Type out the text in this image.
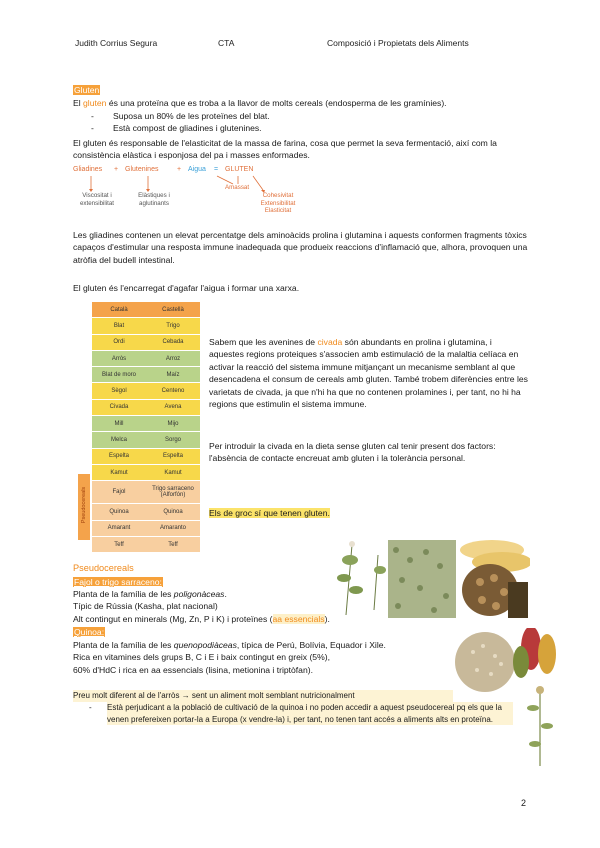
Judith Corrius Segura	CTA	Composició i Propietats dels Aliments
Gluten

El gluten és una proteïna que es troba a la llavor de molts cereals (endosperma de les gramínies).

- Suposa un 80% de les proteïnes del blat.
- Està compost de gliadines i glutenines.

El gluten és responsable de l'elasticitat de la massa de farina, cosa que permet la seva fermentació, així com la consistència elàstica i esponjosa del pa i masses enformades.

Gliadines + Glutenines	+ Aigua = GLUTEN
Viscositat i extensibilitat
Elàstiques i aglutinants
Amassat
Cohesivitat
Extensibilitat
Elasticitat

Les gliadines contenen un elevat percentatge dels aminoàcids prolina i glutamina i aquests conformen fragments tòxics capaços d'estimular una resposta immune inadequada que produeix reaccions d'inflamació que, alhora, provoquen una atròfia del budell intestinal.

El gluten és l'encarregat d'agafar l'aigua i formar una xarxa.

Català	Castellà
Blat	Trigo
Ordi	Cebada
Arròs	Arroz
Blat de moro	Maíz
Sègol	Centeno
Civada	Avena
Mill	Mijo
Melca	Sorgo
Espelta	Espelta
Kamut	Kamut
Fajol	Trigo sarraceno (Alforfón)
Quinoa	Quinoa
Amarant	Amaranto
Teff	Teff
Pseudocereals

Sabem que les avenines de civada són abundants en prolina i glutamina, i aquestes regions proteiques s'associen amb estimulació de la malaltia celíaca en activar la reacció del sistema immune mitjançant un mecanisme semblant al que desencadena el consum de cereals amb gluten. També trobem diferències entre les varietats de civada, ja que n'hi ha que no contenen prolamines i, per tant, no hi ha regions que estimulin el sistema immune.

Per introduir la civada en la dieta sense gluten cal tenir present dos factors: l'absència de contacte encreuat amb gluten i la tolerància personal.

Els de groc sí que tenen gluten.
Pseudocereals
Fajol o trigo sarraceno:

Planta de la família de les poligonàceas.

Típic de Rússia (Kasha, plat nacional)

Alt contingut en minerals (Mg, Zn, P i K) i proteïnes (aa essencials).

Quinoa:

Planta de la família de les quenopodiàceas, típica de Perú, Bolívia, Equador i Xile.

Rica en vitamines dels grups B, C i E i baix contingut en greix (5%),

60% d'HdC i rica en aa essencials (lisina, metionina i triptòfan).

Preu molt diferent al de l'arròs → sent un aliment molt semblant nutricionalment
- Està perjudicant a la població de cultivació de la quinoa i no poden accedir a aquest pseudocereal pq els que la venen prefereixen portar-la a Europa (x vendre-la) i, per tant, no tenen tant accés a aliments alts en proteïna.
2
